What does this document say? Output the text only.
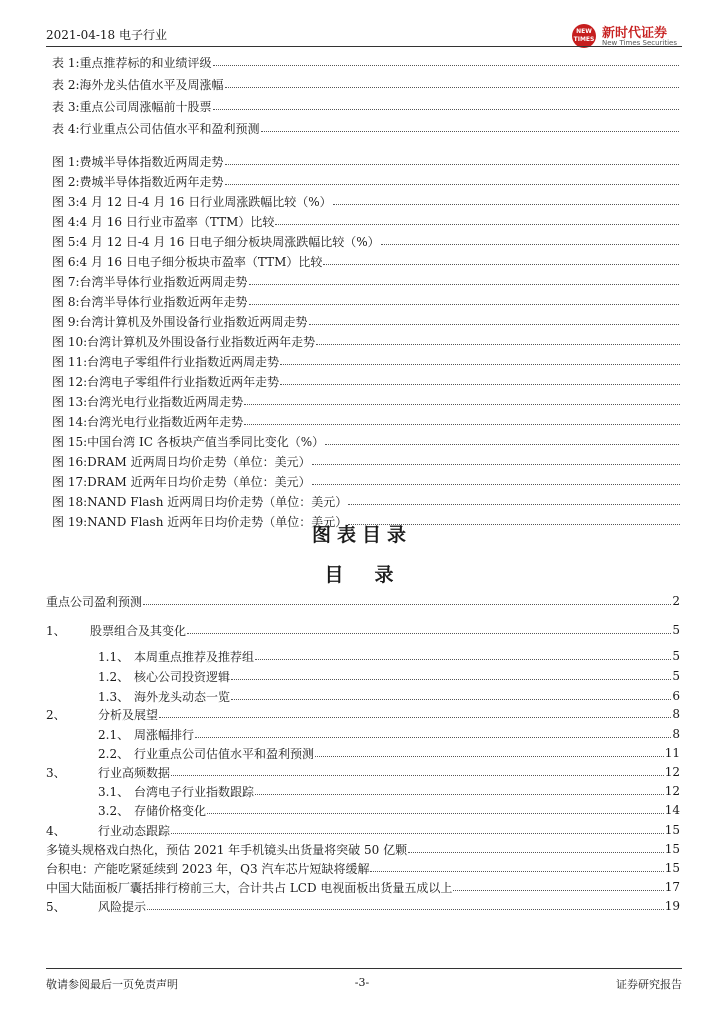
2021-04-18 电子行业	NEW TIMES 新时代证券
New Times Securities
表 1: 重点推荐标的和业绩评级
表 2: 海外龙头估值水平及周涨幅
表 3: 重点公司周涨幅前十股票
表 4: 行业重点公司估值水平和盈利预测
图 1: 费城半导体指数近两周走势
图 2: 费城半导体指数近两年走势
图 3: 4 月 12 日-4 月 16 日行业周涨跌幅比较（%）
图 4: 4 月 16 日行业市盈率（TTM）比较
图 5: 4 月 12 日-4 月 16 日电子细分板块周涨跌幅比较（%）
图 6: 4 月 16 日电子细分板块市盈率（TTM）比较
图 7: 台湾半导体行业指数近两周走势
图 8: 台湾半导体行业指数近两年走势
图 9: 台湾计算机及外围设备行业指数近两周走势
图 10: 台湾计算机及外围设备行业指数近两年走势
图 11: 台湾电子零组件行业指数近两周走势
图 12: 台湾电子零组件行业指数近两年走势
图 13: 台湾光电行业指数近两周走势
图 14: 台湾光电行业指数近两年走势
图 15: 中国台湾 IC 各板块产值当季同比变化（%）
图 16: DRAM 近两周日均价走势（单位：美元）
图 17: DRAM 近两年日均价走势（单位：美元）
图 18: NAND Flash 近两周日均价走势（单位：美元）
图 19: NAND Flash 近两年日均价走势（单位：美元）
图表目录
目　录
重点公司盈利预测	2
1、	股票组合及其变化	5
1.1、 本周重点推荐及推荐组	5
1.2、 核心公司投资逻辑	5
1.3、 海外龙头动态一览	6
2、	分析及展望	8
2.1、 周涨幅排行	8
2.2、 行业重点公司估值水平和盈利预测	11
3、	行业高频数据	12
3.1、 台湾电子行业指数跟踪	12
3.2、 存储价格变化	14
4、	行业动态跟踪	15
多镜头规格戏白热化，预估 2021 年手机镜头出货量将突破 50 亿颗	15
台积电：产能吃紧延续到 2023 年，Q3 汽车芯片短缺将缓解	15
中国大陆面板厂囊括排行榜前三大，合计共占 LCD 电视面板出货量五成以上	17
5、	风险提示	19
敬请参阅最后一页免责声明	-3-	证券研究报告
